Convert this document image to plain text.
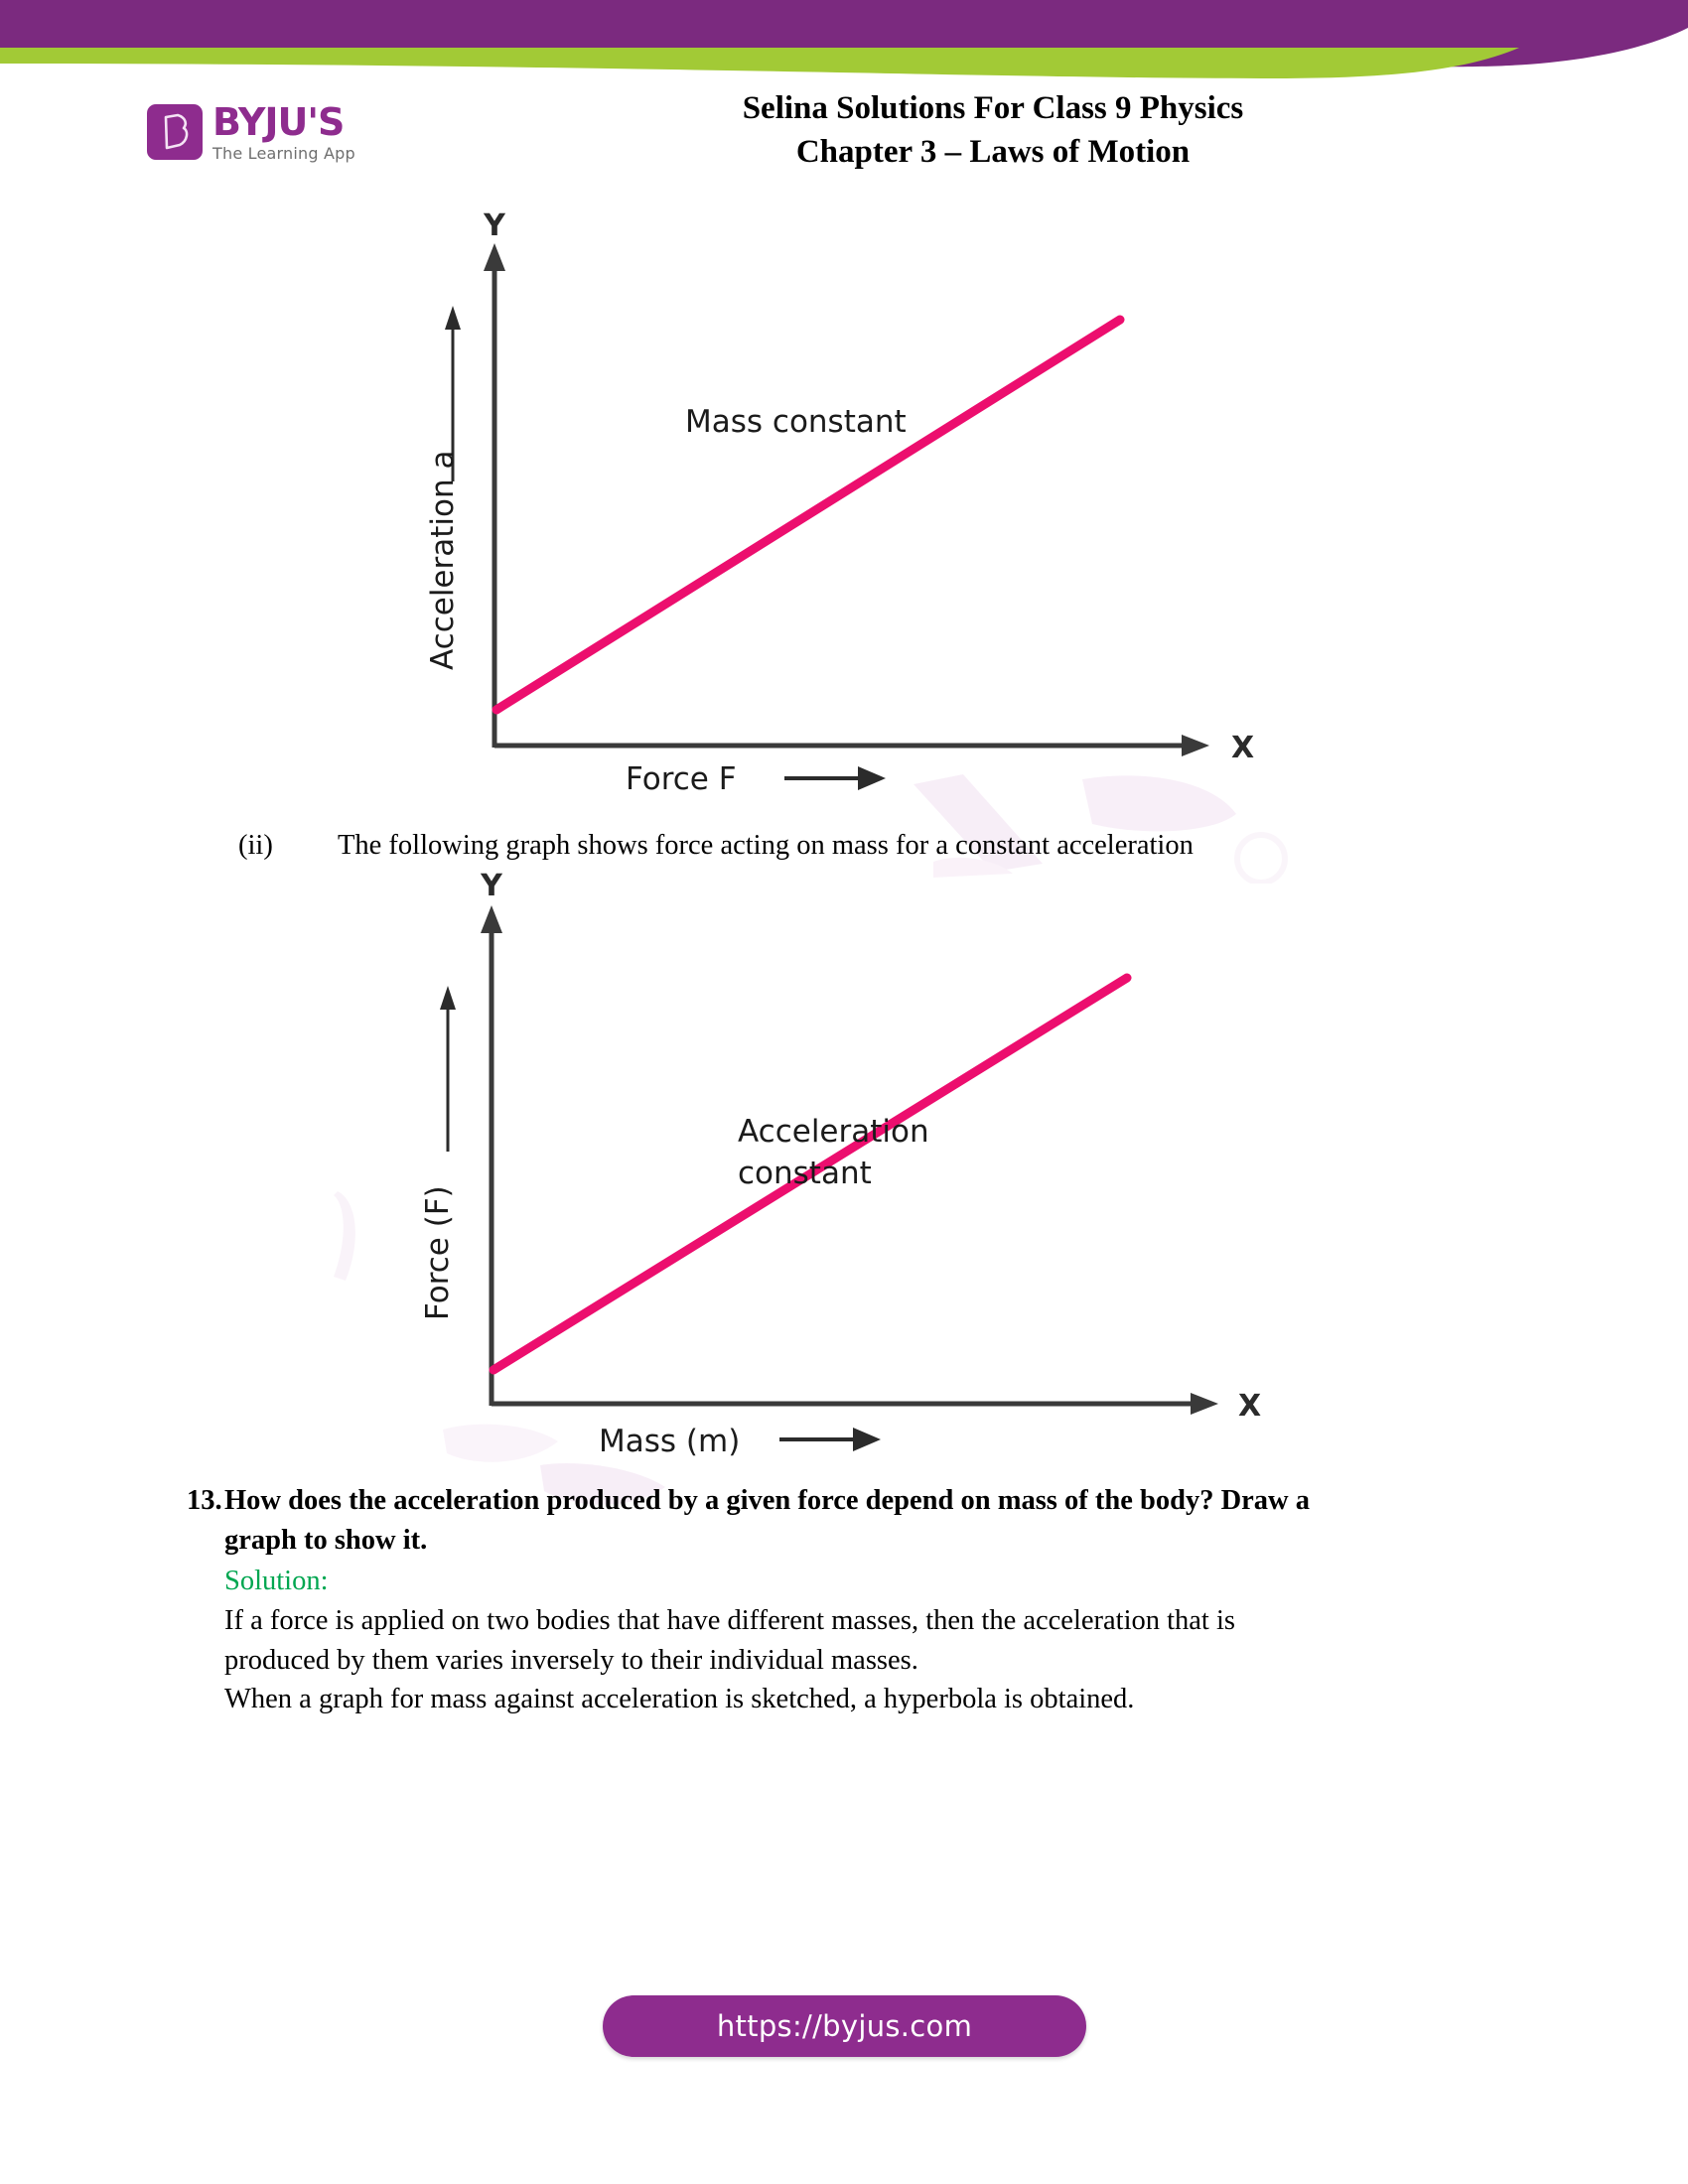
BYJU'S
The Learning App
Selina Solutions For Class 9 Physics
Chapter 3 – Laws of Motion
Y
X
Acceleration a
Force F
Mass constant
(ii)	The following graph shows force acting on mass for a constant acceleration
Y
X
Force (F)
Mass (m)
Acceleration
constant
13. How does the acceleration produced by a given force depend on mass of the body? Draw a
graph to show it.
Solution:
If a force is applied on two bodies that have different masses, then the acceleration that is
produced by them varies inversely to their individual masses.
When a graph for mass against acceleration is sketched, a hyperbola is obtained.
https://byjus.com
